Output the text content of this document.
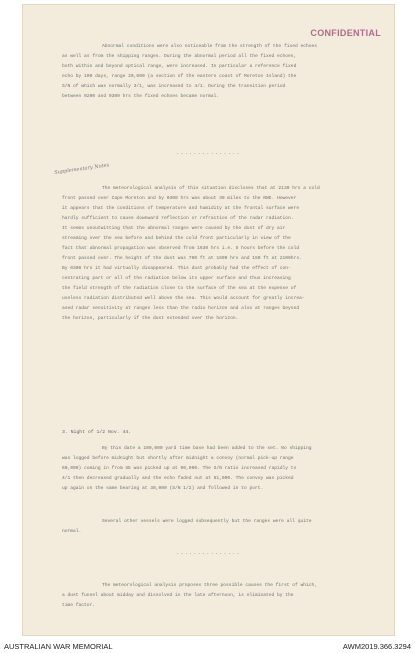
CONFIDENTIAL
Abnormal conditions were also noticeable from the strength of the fixed echoes
as well as from the shipping ranges. During the abnormal period all the fixed echoes,
both within and beyond optical range, were increased. In particular a reference fixed
echo by 100 days, range 20,000 (a section of the eastern coast of Moreton Island) the
S/N of which was normally 3/1, was increased to 4/1. During the transition period
between 0200 and 0300 hrs the fixed echoes became normal.
Supplementary Notes
...............
The meteorological analysis of this situation discloses that at 2130 hrs a cold
front passed over Cape Moreton and by 0300 hrs was about 30 miles to the NNE. However
it appears that the conditions of temperature and humidity at the frontal surface were
hardly sufficient to cause downward reflection or refraction of the radar radiation.
It seems unoutwitting that the abnormal ranges were caused by the dust of dry air
streaming over the sea before and behind the cold front particularly in view of the
fact that abnormal propagation was observed from 1630 hrs i.e. 5 hours before the cold
front passed over. The height of the dust was 700 ft at 1600 hrs and 150 ft at 2100hrs.
By 0300 hrs it had virtually disappeared. This dust probably had the effect of con-
centrating part or all of the radiation below its upper surface and thus increasing
the field strength of the radiation close to the surface of the sea at the expense of
useless radiation distributed well above the sea. This would account for greatly increa-
ased radar sensitivity at ranges less than the radio horizon and also at ranges beyond
the horizon, particularly if the dust extended over the horizon.
3. Night of 1/2 Nov. 44.
By this date a 100,000 yard time base had been added to the set. No shipping
was logged before midnight but shortly after midnight a convoy (normal pick-up range
60,000) coming in from SE was picked up at 90,000. The S/N ratio increased rapidly to
4/1 then decreased gradually and the echo faded out at 61,000. The convoy was picked
up again on the same bearing at 30,000 (S/N 1/2) and followed in to port.
Several other vessels were logged subsequently but the ranges were all quite
normal.
...............
The meteorological analysis proposes three possible causes the first of which,
a dust funnel about midday and dissolved in the late afternoon, is eliminated by the
time factor.
AUSTRALIAN WAR MEMORIAL	AWM2019.366.3294
